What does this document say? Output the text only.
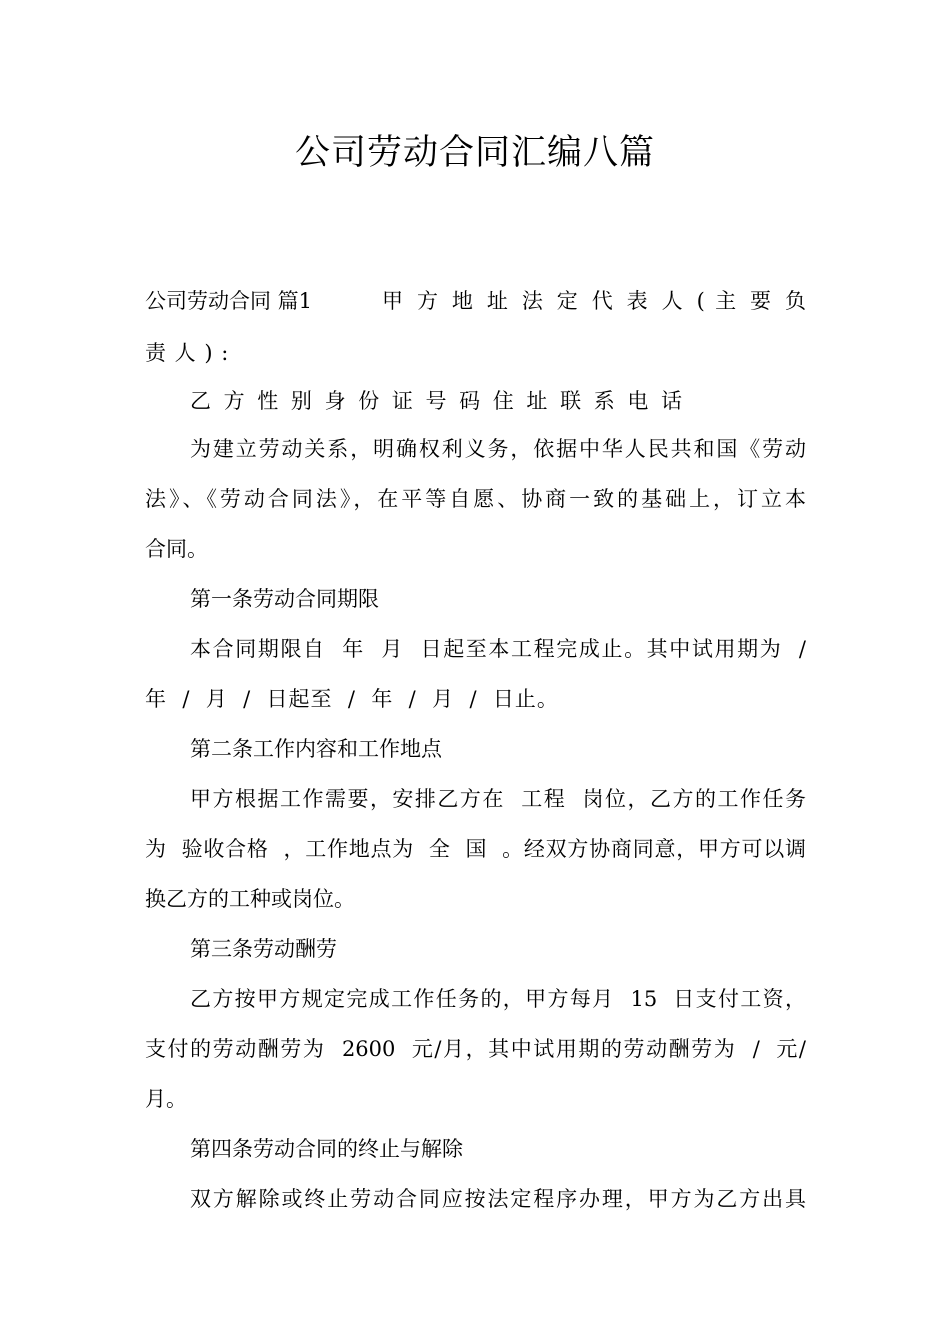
公司劳动合同汇编八篇
公司劳动合同 篇1	甲 方 地 址 法 定 代 表 人 ( 主 要 负
责 人 ) :
乙 方 性 别 身 份 证 号 码 住 址 联 系 电 话
为建立劳动关系，明确权利义务，依据中华人民共和国《劳动
法》、《劳动合同法》，在平等自愿、协商一致的基础上，订立本
合同。
第一条劳动合同期限
本合同期限自  年  月  日起至本工程完成止。其中试用期为  /
年  /  月  /  日起至  /  年  /  月  /  日止。
第二条工作内容和工作地点
甲方根据工作需要，安排乙方在  工程  岗位，乙方的工作任务
为  验收合格  ，工作地点为  全  国  。经双方协商同意，甲方可以调
换乙方的工种或岗位。
第三条劳动酬劳
乙方按甲方规定完成工作任务的，甲方每月  15  日支付工资，
支付的劳动酬劳为  2600  元/月，其中试用期的劳动酬劳为  /  元/
月。
第四条劳动合同的终止与解除
双方解除或终止劳动合同应按法定程序办理，甲方为乙方出具
